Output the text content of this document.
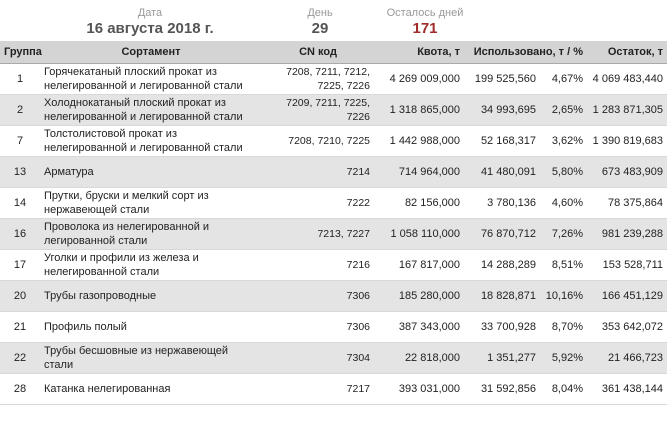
Дата
16 августа 2018 г.
День
29
Осталось дней
171
Группа	Сортамент	CN код	Квота, т	Использовано, т / %		Остаток, т
1	Горячекатаный плоский прокат из нелегированной и легированной стали	7208, 7211, 7212, 7225, 7226	4 269 009,000	199 525,560	4,67%	4 069 483,440
2	Холоднокатаный плоский прокат из нелегированной и легированной стали	7209, 7211, 7225, 7226	1 318 865,000	34 993,695	2,65%	1 283 871,305
7	Толстолистовой прокат из нелегированной и легированной стали	7208, 7210, 7225	1 442 988,000	52 168,317	3,62%	1 390 819,683
13	Арматура	7214	714 964,000	41 480,091	5,80%	673 483,909
14	Прутки, бруски и мелкий сорт из нержавеющей стали	7222	82 156,000	3 780,136	4,60%	78 375,864
16	Проволока из нелегированной и легированной стали	7213, 7227	1 058 110,000	76 870,712	7,26%	981 239,288
17	Уголки и профили из железа и нелегированной стали	7216	167 817,000	14 288,289	8,51%	153 528,711
20	Трубы газопроводные	7306	185 280,000	18 828,871	10,16%	166 451,129
21	Профиль полый	7306	387 343,000	33 700,928	8,70%	353 642,072
22	Трубы бесшовные из нержавеющей стали	7304	22 818,000	1 351,277	5,92%	21 466,723
28	Катанка нелегированная	7217	393 031,000	31 592,856	8,04%	361 438,144
